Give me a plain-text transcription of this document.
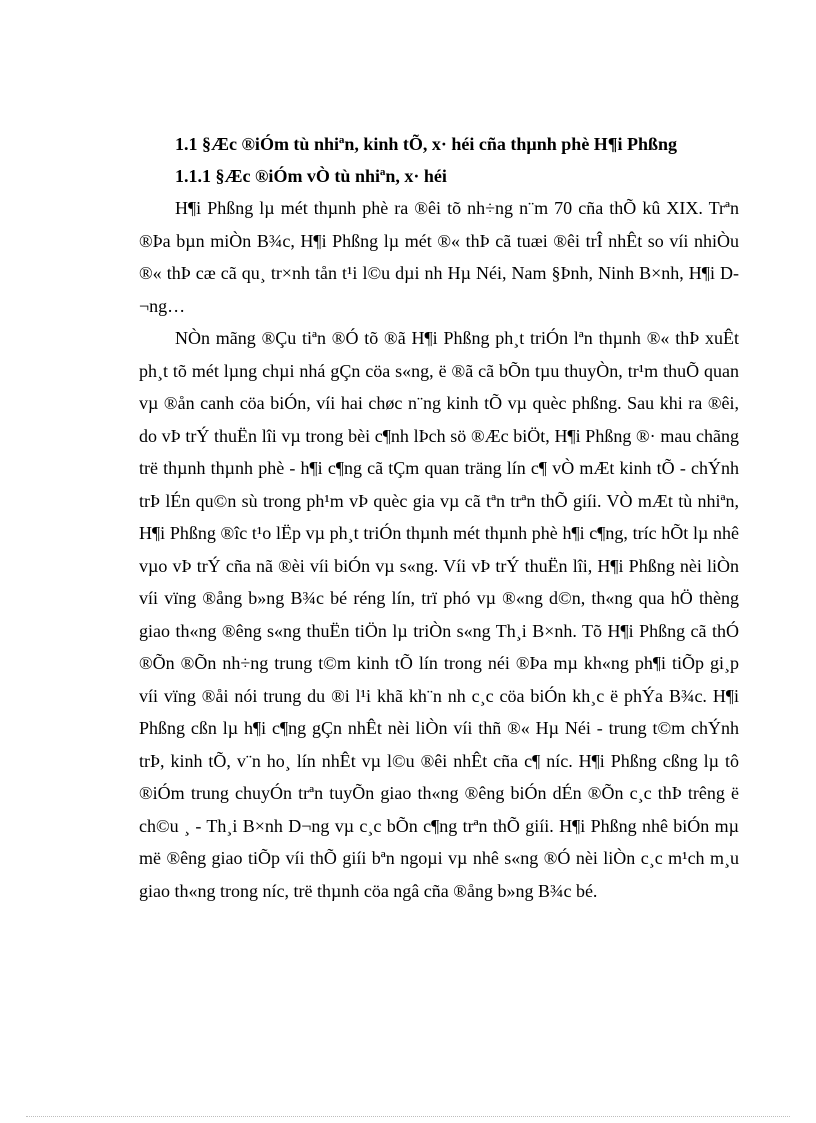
1.1 §Æc ®iÓm tù nhiªn, kinh tÕ, x· héi cña thµnh phè H¶i Phßng
1.1.1 §Æc ®iÓm vÒ tù nhiªn, x· héi

H¶i Phßng lµ mét thµnh phè ra ®êi tõ nh÷ng n¨m 70 cña thÕ kû XIX. Trªn ®Þa bµn miÒn B¾c, H¶i Phßng lµ mét ®« thÞ cã tuæi ®êi trÎ nhÊt so víi nhiÒu ®« thÞ cæ cã qu¸ tr×nh tån t¹i l©u dµi nh Hµ Néi, Nam §Þnh, Ninh B×nh, H¶i D¬ng…

NÒn mãng ®Çu tiªn ®Ó tõ ®ã H¶i Phßng ph¸t triÓn lªn thµnh ®« thÞ xuÊt ph¸t tõ mét lµng chµi nhá gÇn cöa s«ng, ë ®ã cã bÕn tµu thuyÒn, tr¹m thuÕ quan vµ ®ån canh cöa biÓn, víi hai chøc n¨ng kinh tÕ vµ quèc phßng. Sau khi ra ®êi, do vÞ trÝ thuËn lîi vµ trong bèi c¶nh lÞch sö ®Æc biÖt, H¶i Phßng ®· mau chãng trë thµnh thµnh phè - h¶i c¶ng cã tÇm quan träng lín c¶ vÒ mÆt kinh tÕ - chÝnh trÞ lÉn qu©n sù trong ph¹m vÞ quèc gia vµ cã tªn trªn thÕ giíi. VÒ mÆt tù nhiªn, H¶i Phßng ®îc t¹o lËp vµ ph¸t triÓn thµnh mét thµnh phè h¶i c¶ng, tríc hÕt lµ nhê vµo vÞ trÝ cña nã ®èi víi biÓn vµ s«ng. Víi vÞ trÝ thuËn lîi, H¶i Phßng nèi liÒn víi vïng ®ång b»ng B¾c bé réng lín, trï phó vµ ®«ng d©n, th«ng qua hÖ thèng giao th«ng ®êng s«ng thuËn tiÖn lµ triÒn s«ng Th¸i B×nh. Tõ H¶i Phßng cã thÓ ®Õn ®Õn nh÷ng trung t©m kinh tÕ lín trong néi ®Þa mµ kh«ng ph¶i tiÕp gi¸p víi vïng ®åi nói trung du ®i l¹i khã kh¨n nh c¸c cöa biÓn kh¸c ë phÝa B¾c. H¶i Phßng cßn lµ h¶i c¶ng gÇn nhÊt nèi liÒn víi thñ ®« Hµ Néi - trung t©m chÝnh trÞ, kinh tÕ, v¨n ho¸ lín nhÊt vµ l©u ®êi nhÊt cña c¶ níc. H¶i Phßng cßng lµ tô ®iÓm trung chuyÓn trªn tuyÕn giao th«ng ®êng biÓn dÉn ®Õn c¸c thÞ trêng ë ch©u ¸ - Th¸i B×nh D¬ng vµ c¸c bÕn c¶ng trªn thÕ giíi. H¶i Phßng nhê biÓn mµ më ®êng giao tiÕp víi thÕ giíi bªn ngoµi vµ nhê s«ng ®Ó nèi liÒn c¸c m¹ch m¸u giao th«ng trong níc, trë thµnh cöa ngâ cña ®ång b»ng B¾c bé.
